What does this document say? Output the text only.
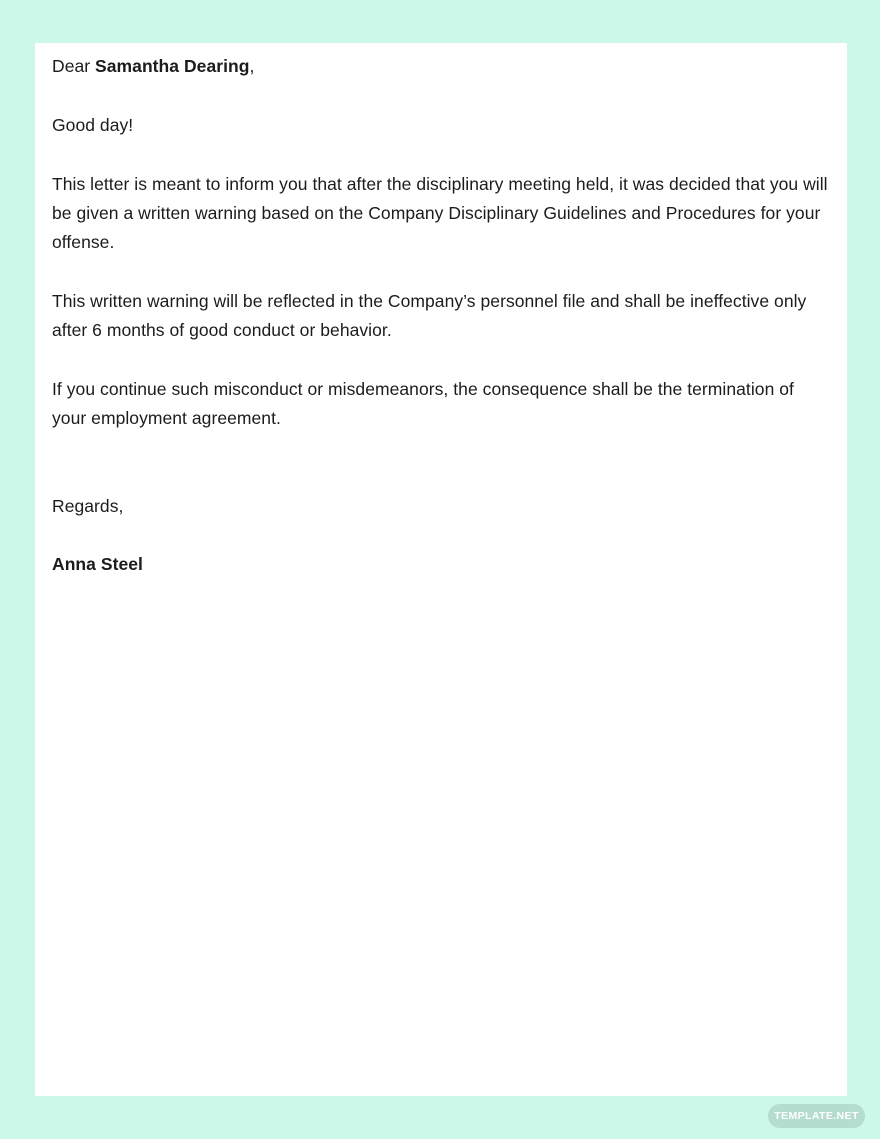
Dear Samantha Dearing,

Good day!

This letter is meant to inform you that after the disciplinary meeting held, it was decided that you will be given a written warning based on the Company Disciplinary Guidelines and Procedures for your offense.

This written warning will be reflected in the Company’s personnel file and shall be ineffective only after 6 months of good conduct or behavior.

If you continue such misconduct or misdemeanors, the consequence shall be the termination of your employment agreement.

Regards,

Anna Steel

TEMPLATE.NET
